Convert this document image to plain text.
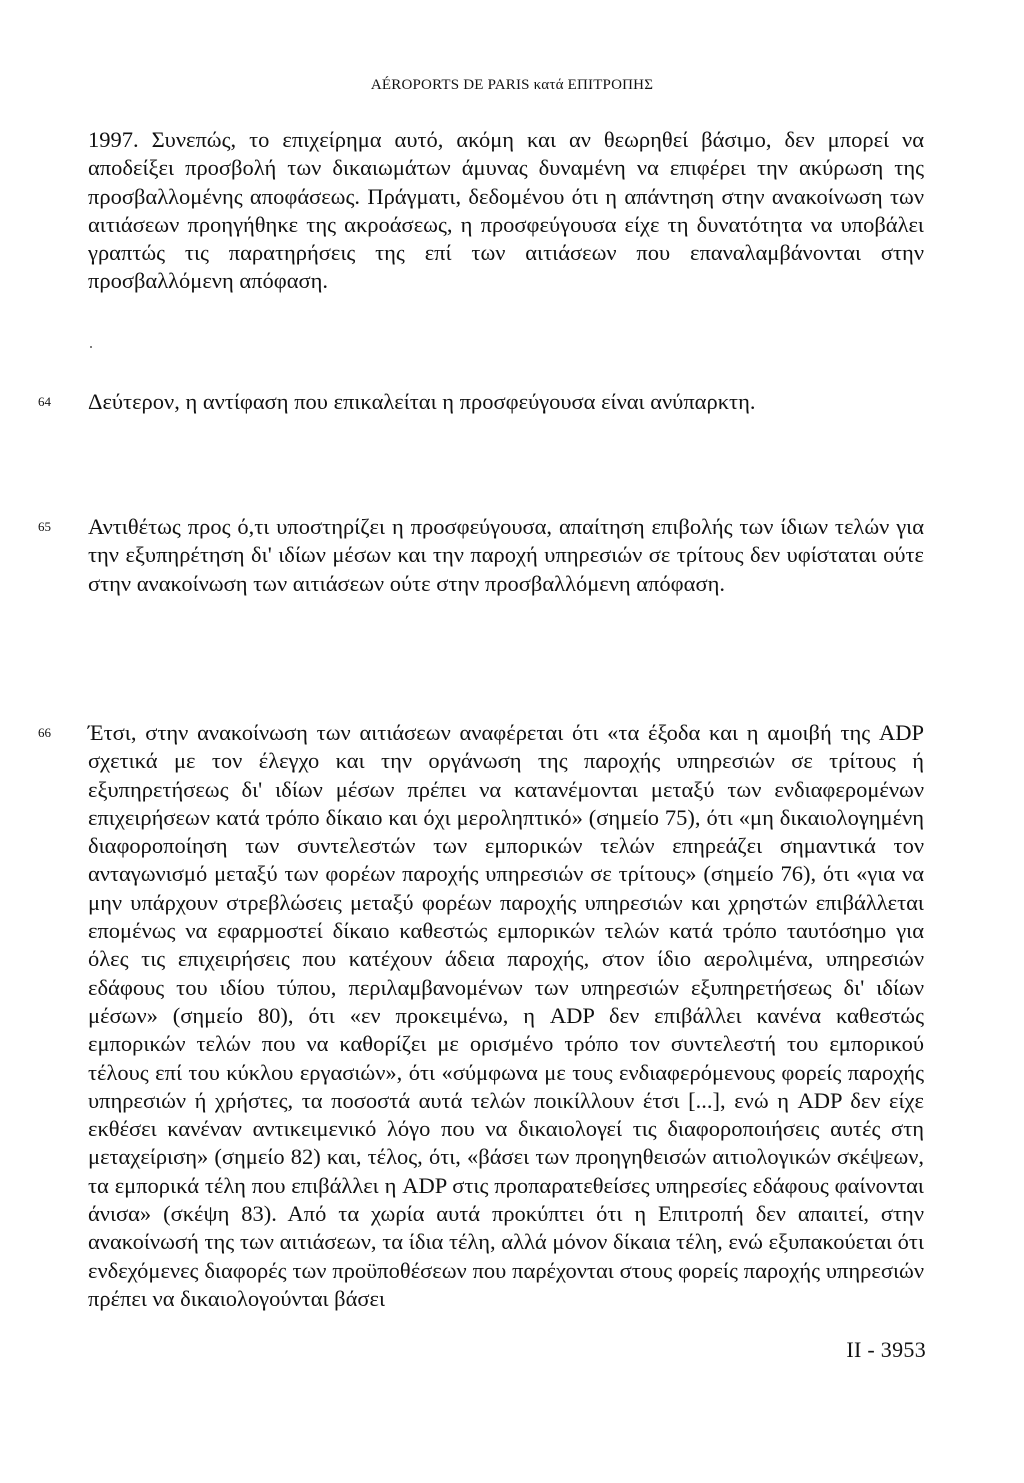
AÉROPORTS DE PARIS κατά ΕΠΙΤΡΟΠΗΣ
1997. Συνεπώς, το επιχείρημα αυτό, ακόμη και αν θεωρηθεί βάσιμο, δεν μπορεί να αποδείξει προσβολή των δικαιωμάτων άμυνας δυναμένη να επιφέρει την ακύρωση της προσβαλλομένης αποφάσεως. Πράγματι, δεδομένου ότι η απάντηση στην ανακοίνωση των αιτιάσεων προηγήθηκε της ακροάσεως, η προσφεύγουσα είχε τη δυνατότητα να υποβάλει γραπτώς τις παρατηρήσεις της επί των αιτιάσεων που επαναλαμβάνονται στην προσβαλλόμενη απόφαση.
64 Δεύτερον, η αντίφαση που επικαλείται η προσφεύγουσα είναι ανύπαρκτη.
65 Αντιθέτως προς ό,τι υποστηρίζει η προσφεύγουσα, απαίτηση επιβολής των ίδιων τελών για την εξυπηρέτηση δι' ιδίων μέσων και την παροχή υπηρεσιών σε τρίτους δεν υφίσταται ούτε στην ανακοίνωση των αιτιάσεων ούτε στην προσβαλλόμενη απόφαση.
66 Έτσι, στην ανακοίνωση των αιτιάσεων αναφέρεται ότι «τα έξοδα και η αμοιβή της ADP σχετικά με τον έλεγχο και την οργάνωση της παροχής υπηρεσιών σε τρίτους ή εξυπηρετήσεως δι' ιδίων μέσων πρέπει να κατανέμονται μεταξύ των ενδιαφερομένων επιχειρήσεων κατά τρόπο δίκαιο και όχι μεροληπτικό» (σημείο 75), ότι «μη δικαιολογημένη διαφοροποίηση των συντελεστών των εμπορικών τελών επηρεάζει σημαντικά τον ανταγωνισμό μεταξύ των φορέων παροχής υπηρεσιών σε τρίτους» (σημείο 76), ότι «για να μην υπάρχουν στρεβλώσεις μεταξύ φορέων παροχής υπηρεσιών και χρηστών επιβάλλεται επομένως να εφαρμοστεί δίκαιο καθεστώς εμπορικών τελών κατά τρόπο ταυτόσημο για όλες τις επιχειρήσεις που κατέχουν άδεια παροχής, στον ίδιο αερολιμένα, υπηρεσιών εδάφους του ιδίου τύπου, περιλαμβανομένων των υπηρεσιών εξυπηρετήσεως δι' ιδίων μέσων» (σημείο 80), ότι «εν προκειμένω, η ADP δεν επιβάλλει κανένα καθεστώς εμπορικών τελών που να καθορίζει με ορισμένο τρόπο τον συντελεστή του εμπορικού τέλους επί του κύκλου εργασιών», ότι «σύμφωνα με τους ενδιαφερόμενους φορείς παροχής υπηρεσιών ή χρήστες, τα ποσοστά αυτά τελών ποικίλλουν έτσι [...], ενώ η ADP δεν είχε εκθέσει κανέναν αντικειμενικό λόγο που να δικαιολογεί τις διαφοροποιήσεις αυτές στη μεταχείριση» (σημείο 82) και, τέλος, ότι, «βάσει των προηγηθεισών αιτιολογικών σκέψεων, τα εμπορικά τέλη που επιβάλλει η ADP στις προπαρατεθείσες υπηρεσίες εδάφους φαίνονται άνισα» (σκέψη 83). Από τα χωρία αυτά προκύπτει ότι η Επιτροπή δεν απαιτεί, στην ανακοίνωσή της των αιτιάσεων, τα ίδια τέλη, αλλά μόνον δίκαια τέλη, ενώ εξυπακούεται ότι ενδεχόμενες διαφορές των προϋποθέσεων που παρέχονται στους φορείς παροχής υπηρεσιών πρέπει να δικαιολογούνται βάσει
II - 3953
